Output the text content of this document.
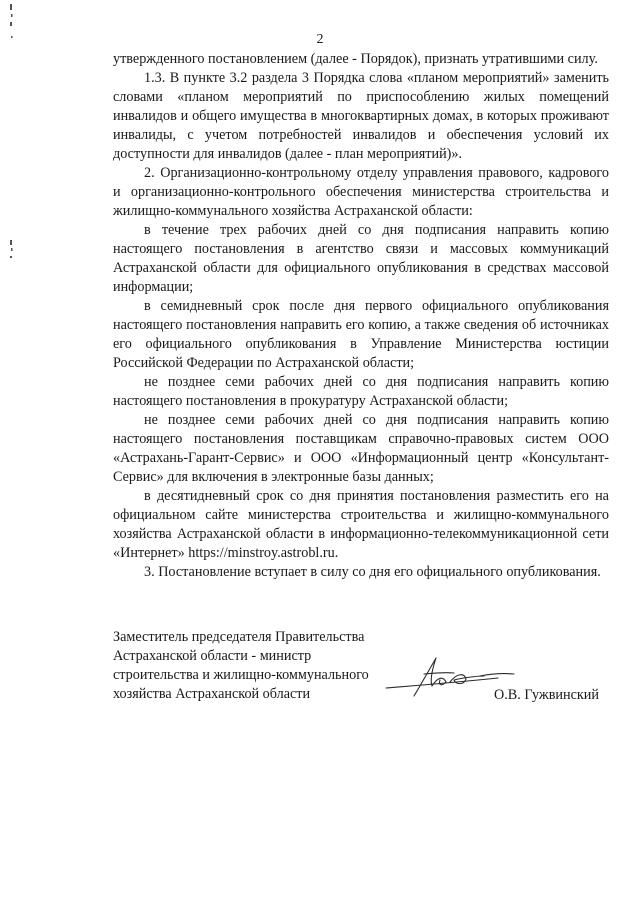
2

утвержденного постановлением (далее - Порядок), признать утратившими силу.

1.3. В пункте 3.2 раздела 3 Порядка слова «планом мероприятий» заменить словами «планом мероприятий по приспособлению жилых помещений инвалидов и общего имущества в многоквартирных домах, в которых проживают инвалиды, с учетом потребностей инвалидов и обеспечения условий их доступности для инвалидов (далее - план мероприятий)».

2. Организационно-контрольному отделу управления правового, кадрового и организационно-контрольного обеспечения министерства строительства и жилищно-коммунального хозяйства Астраханской области:

в течение трех рабочих дней со дня подписания направить копию настоящего постановления в агентство связи и массовых коммуникаций Астраханской области для официального опубликования в средствах массовой информации;

в семидневный срок после дня первого официального опубликования настоящего постановления направить его копию, а также сведения об источниках его официального опубликования в Управление Министерства юстиции Российской Федерации по Астраханской области;

не позднее семи рабочих дней со дня подписания направить копию настоящего постановления в прокуратуру Астраханской области;

не позднее семи рабочих дней со дня подписания направить копию настоящего постановления поставщикам справочно-правовых систем ООО «Астрахань-Гарант-Сервис» и ООО «Информационный центр «Консультант-Сервис» для включения в электронные базы данных;

в десятидневный срок со дня принятия постановления разместить его на официальном сайте министерства строительства и жилищно-коммунального хозяйства Астраханской области в информационно-телекоммуникационной сети «Интернет» https://minstroy.astrobl.ru.

3. Постановление вступает в силу со дня его официального опубликования.

Заместитель председателя Правительства
Астраханской области - министр
строительства и жилищно-коммунального
хозяйства Астраханской области	О.В. Гужвинский
